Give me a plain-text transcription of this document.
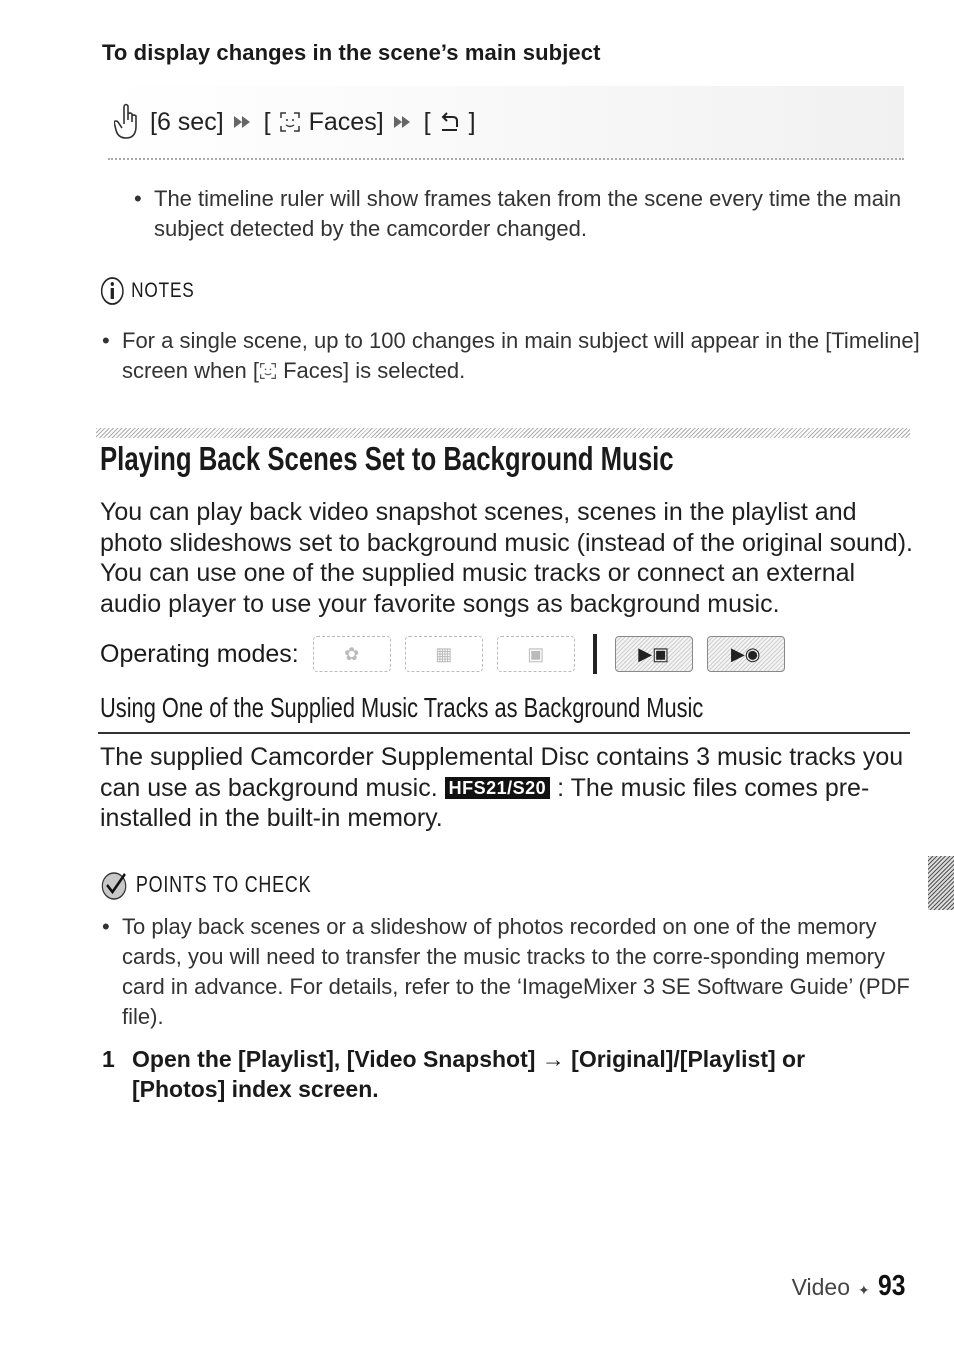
To display changes in the scene’s main subject
[6 sec] [ Faces] [ ]
• The timeline ruler will show frames taken from the scene every time the main subject detected by the camcorder changed.
NOTES
• For a single scene, up to 100 changes in main subject will appear in the [Timeline] screen when [ Faces] is selected.
Playing Back Scenes Set to Background Music
You can play back video snapshot scenes, scenes in the playlist and photo slideshows set to background music (instead of the original sound). You can use one of the supplied music tracks or connect an external audio player to use your favorite songs as background music.
Operating modes:	✿	▦	▣	▶▣	▶◉
Using One of the Supplied Music Tracks as Background Music
The supplied Camcorder Supplemental Disc contains 3 music tracks you can use as background music. HFS21/S20 : The music files comes pre-installed in the built-in memory.
POINTS TO CHECK
• To play back scenes or a slideshow of photos recorded on one of the memory cards, you will need to transfer the music tracks to the corre-sponding memory card in advance. For details, refer to the ‘ImageMixer 3 SE Software Guide’ (PDF file).
1 Open the [Playlist], [Video Snapshot] → [Original]/[Playlist] or [Photos] index screen.
Video ✦ 93
